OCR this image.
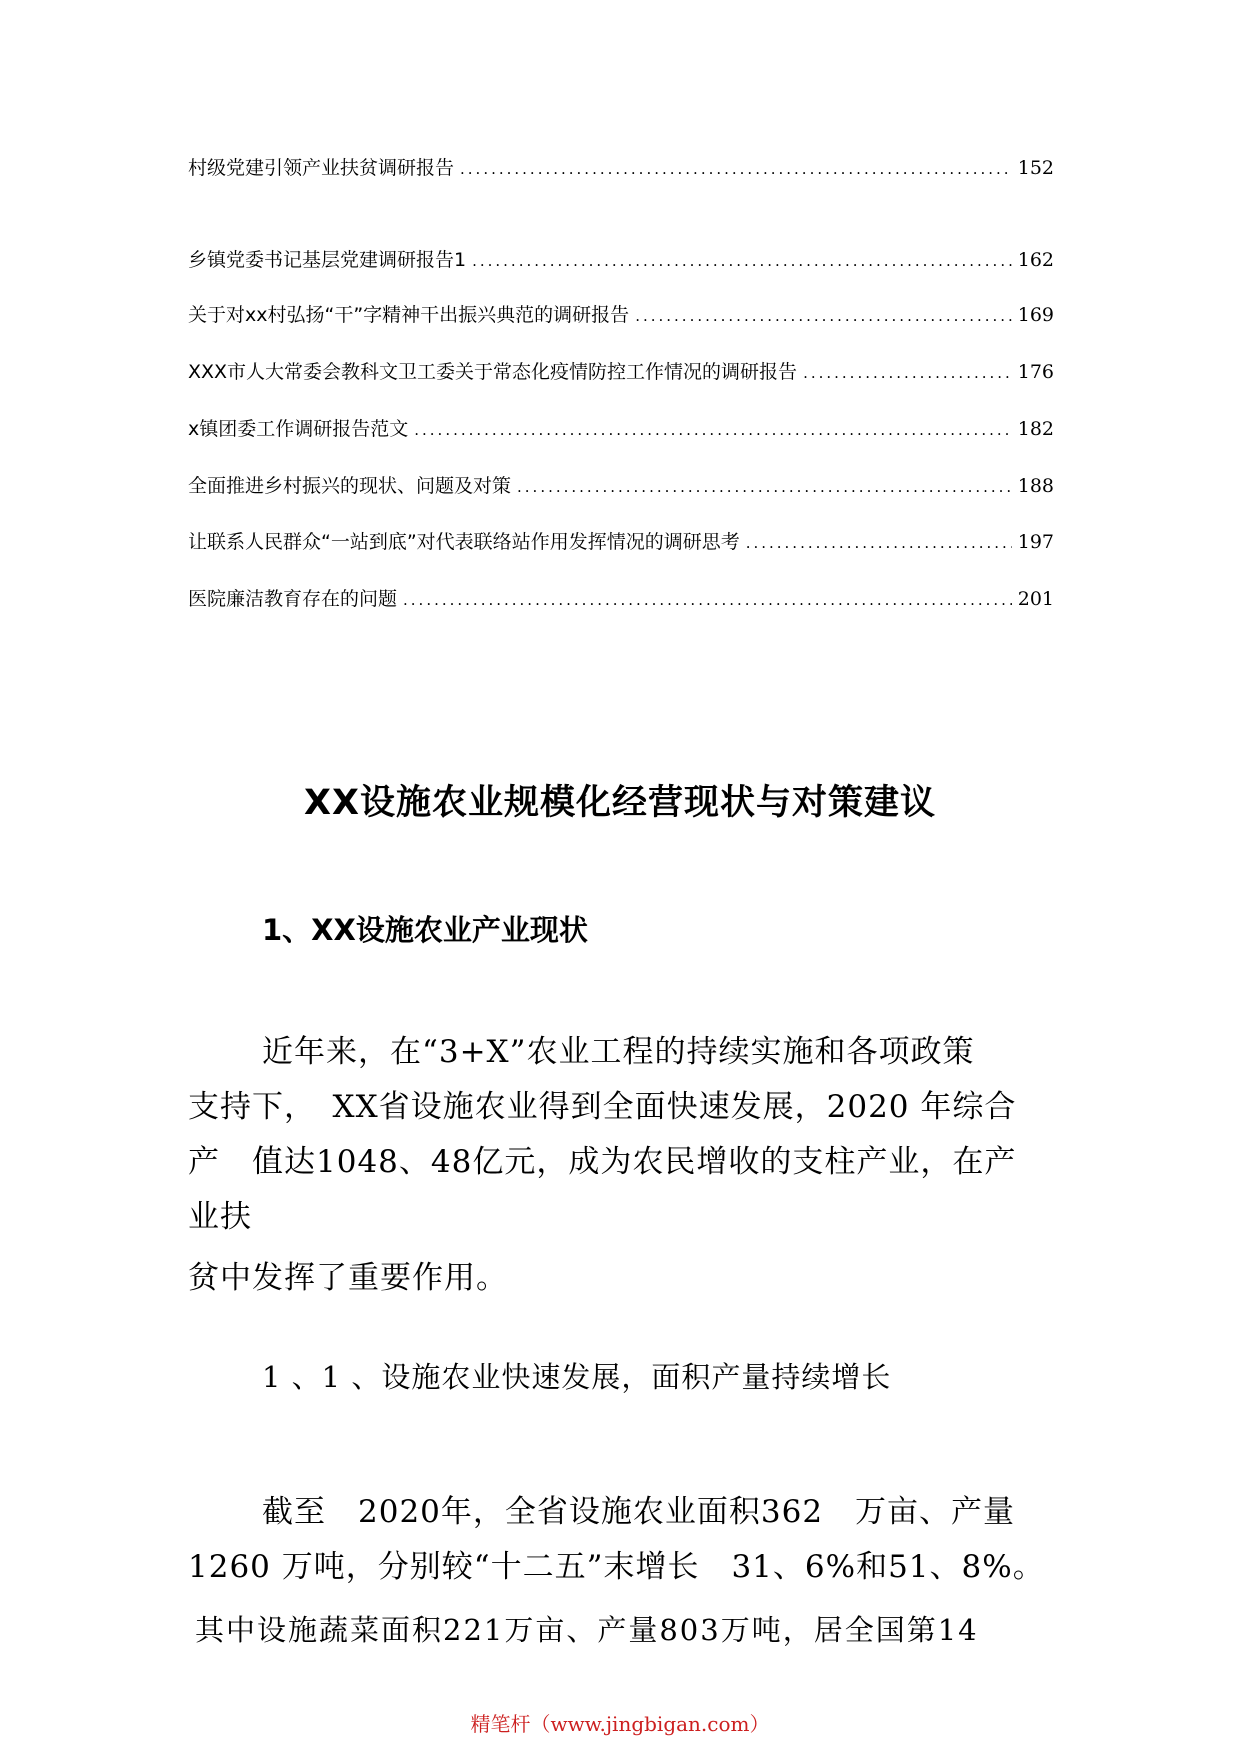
村级党建引领产业扶贫调研报告 .....	152
乡镇党委书记基层党建调研报告1 .....	162
关于对xx村弘扬“干”字精神干出振兴典范的调研报告 .....	169
XXX市人大常委会教科文卫工委关于常态化疫情防控工作情况的调研报告 .....	176
x镇团委工作调研报告范文 .....	182
全面推进乡村振兴的现状、问题及对策 .....	188
让联系人民群众“一站到底”对代表联络站作用发挥情况的调研思考 .....	197
医院廉洁教育存在的问题 .....	201
XX设施农业规模化经营现状与对策建议
1、XX设施农业产业现状
近年来，在“3+X”农业工程的持续实施和各项政策
支持下，　XX省设施农业得到全面快速发展，2020 年综合
产　值达1048、48亿元，成为农民增收的支柱产业，在产
业扶
贫中发挥了重要作用。
1 、1 、设施农业快速发展，面积产量持续增长
截至　2020年，全省设施农业面积362　万亩、产量
1260 万吨，分别较“十二五”末增长　31、6%和51、8%。
其中设施蔬菜面积221万亩、产量803万吨，居全国第14
精笔杆（www.jingbigan.com）
